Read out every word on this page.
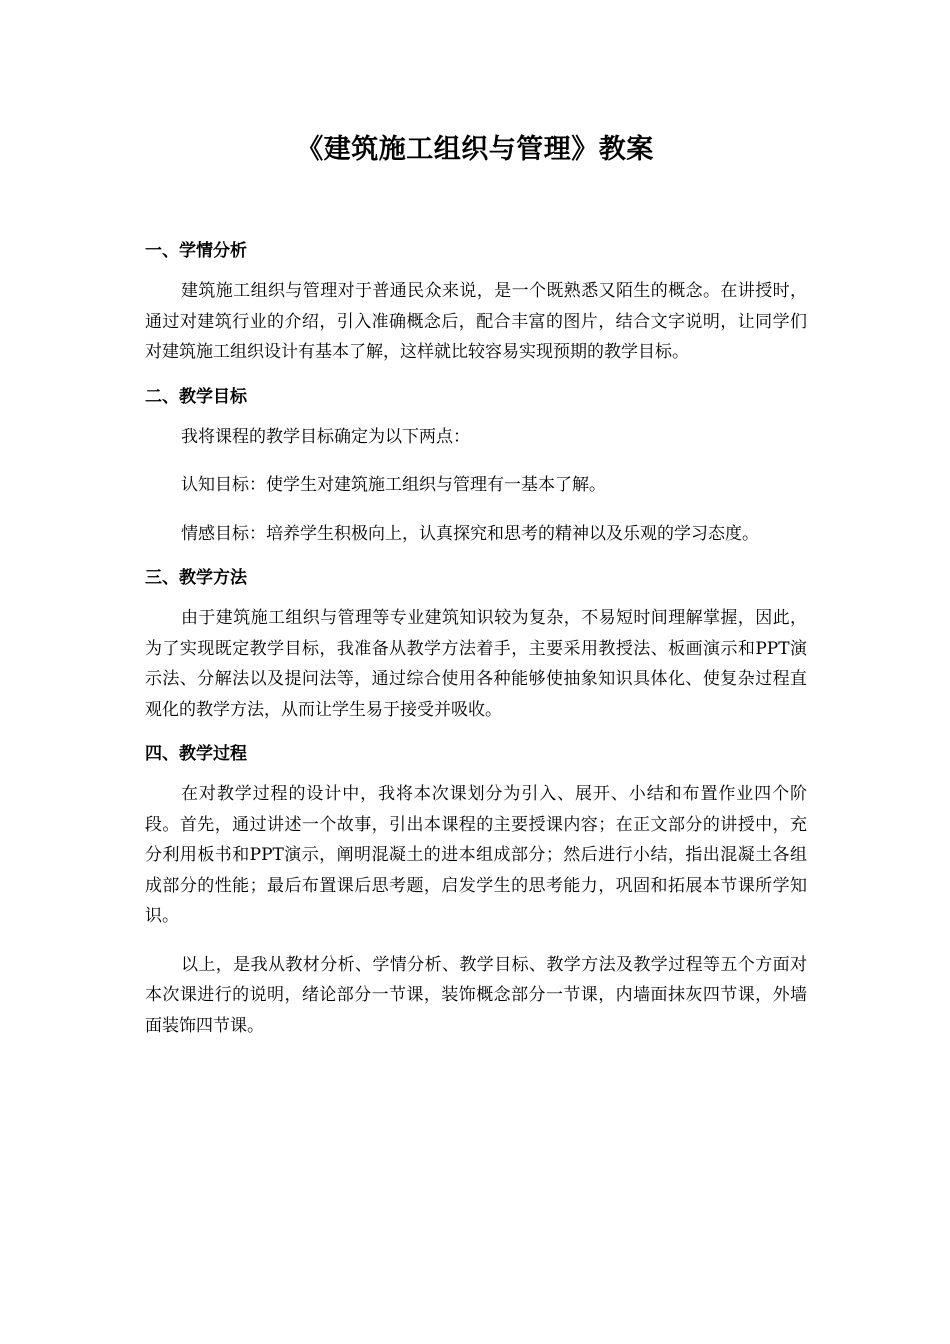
《建筑施工组织与管理》教案

一、学情分析

建筑施工组织与管理对于普通民众来说，是一个既熟悉又陌生的概念。在讲授时，通过对建筑行业的介绍，引入准确概念后，配合丰富的图片，结合文字说明，让同学们对建筑施工组织设计有基本了解，这样就比较容易实现预期的教学目标。

二、教学目标

我将课程的教学目标确定为以下两点：

认知目标：使学生对建筑施工组织与管理有一基本了解。

情感目标：培养学生积极向上，认真探究和思考的精神以及乐观的学习态度。

三、教学方法

由于建筑施工组织与管理等专业建筑知识较为复杂，不易短时间理解掌握，因此，为了实现既定教学目标，我准备从教学方法着手，主要采用教授法、板画演示和PPT演示法、分解法以及提问法等，通过综合使用各种能够使抽象知识具体化、使复杂过程直观化的教学方法，从而让学生易于接受并吸收。

四、教学过程

在对教学过程的设计中，我将本次课划分为引入、展开、小结和布置作业四个阶段。首先，通过讲述一个故事，引出本课程的主要授课内容；在正文部分的讲授中，充分利用板书和PPT演示，阐明混凝土的进本组成部分；然后进行小结，指出混凝土各组成部分的性能；最后布置课后思考题，启发学生的思考能力，巩固和拓展本节课所学知识。

以上，是我从教材分析、学情分析、教学目标、教学方法及教学过程等五个方面对本次课进行的说明，绪论部分一节课，装饰概念部分一节课，内墙面抹灰四节课，外墙面装饰四节课。
